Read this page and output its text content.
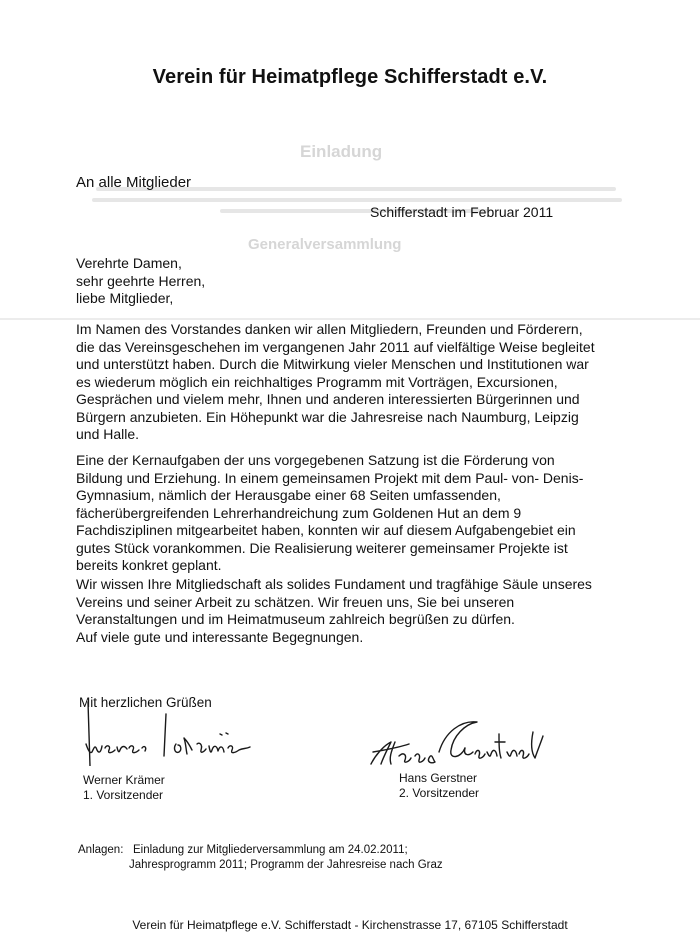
Einladung
Generalversammlung
Verein für Heimatpflege Schifferstadt e.V.
An alle Mitglieder
Schifferstadt im Februar 2011
Verehrte Damen,
sehr geehrte Herren,
liebe Mitglieder,

Im Namen des Vorstandes danken wir allen Mitgliedern, Freunden und Förderern,

die das Vereinsgeschehen im vergangenen Jahr 2011 auf vielfältige Weise begleitet

und unterstützt haben. Durch die Mitwirkung vieler Menschen und Institutionen war

es wiederum möglich ein reichhaltiges Programm mit Vorträgen, Excursionen,

Gesprächen und vielem mehr, Ihnen und anderen interessierten Bürgerinnen und

Bürgern anzubieten. Ein Höhepunkt war die Jahresreise nach Naumburg, Leipzig

und Halle.

Eine der Kernaufgaben der uns vorgegebenen Satzung ist die Förderung von

Bildung und Erziehung. In einem gemeinsamen Projekt mit dem Paul- von- Denis-

Gymnasium, nämlich der Herausgabe einer 68 Seiten umfassenden,

fächerübergreifenden Lehrerhandreichung zum Goldenen Hut an dem 9

Fachdisziplinen mitgearbeitet haben, konnten wir auf diesem Aufgabengebiet ein

gutes Stück vorankommen. Die Realisierung weiterer gemeinsamer Projekte ist

bereits konkret geplant.

Wir wissen Ihre Mitgliedschaft als solides Fundament und tragfähige Säule unseres

Vereins und seiner Arbeit zu schätzen. Wir freuen uns, Sie bei unseren

Veranstaltungen und im Heimatmuseum zahlreich begrüßen zu dürfen.

Auf viele gute und interessante Begegnungen.

Mit herzlichen Grüßen
Werner Krämer
1. Vorsitzender
Hans Gerstner
2. Vorsitzender
Anlagen: Einladung zur Mitgliederversammlung am 24.02.2011;
Jahresprogramm 2011; Programm der Jahresreise nach Graz
Verein für Heimatpflege e.V. Schifferstadt - Kirchenstrasse 17, 67105 Schifferstadt
